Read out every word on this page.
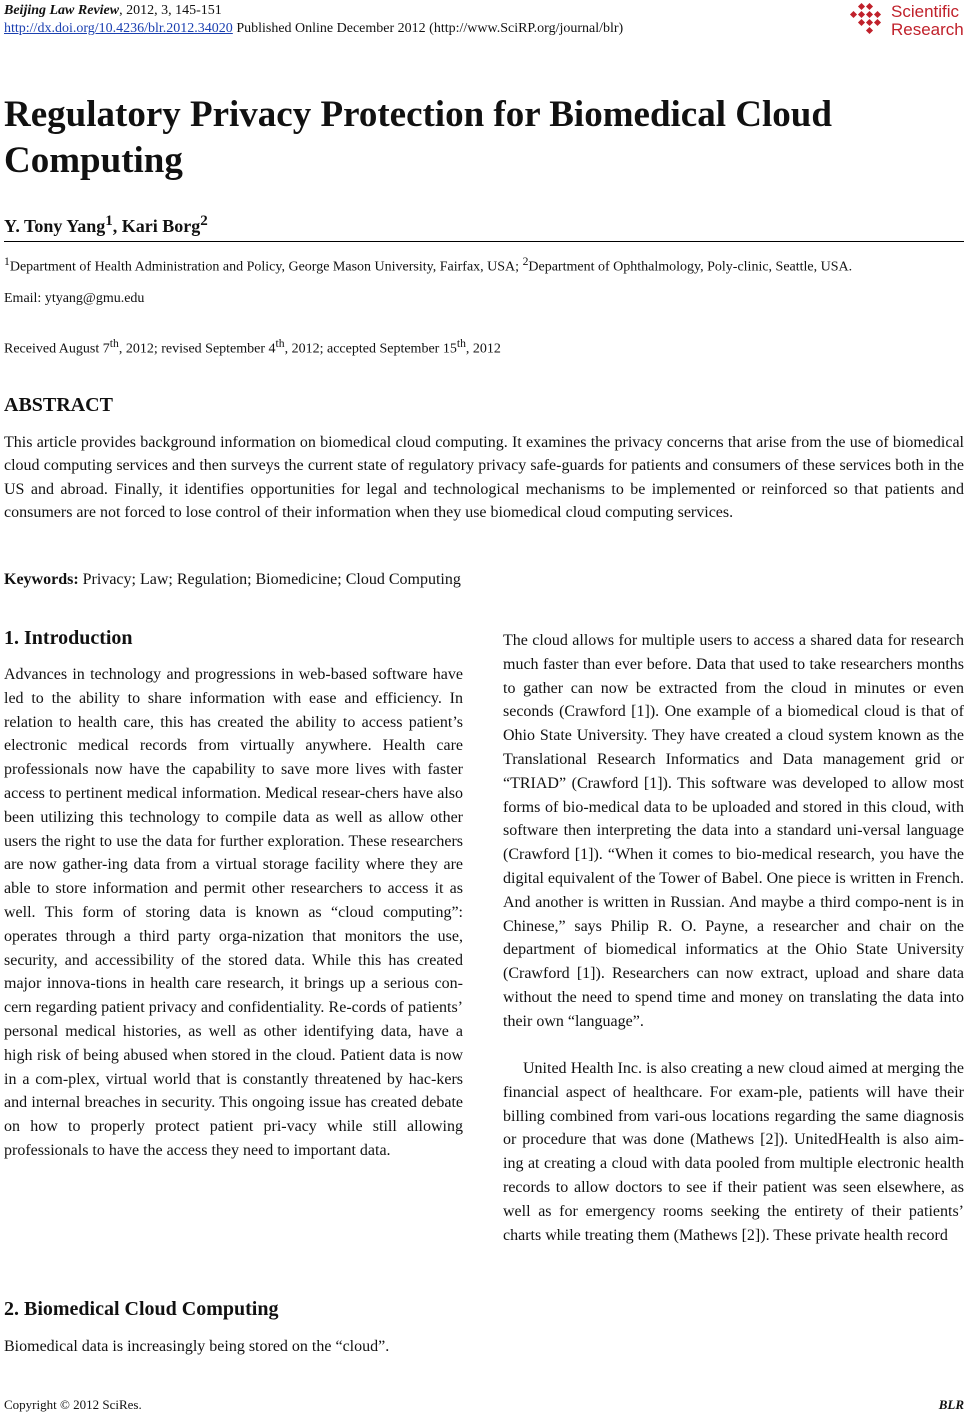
Beijing Law Review, 2012, 3, 145-151
http://dx.doi.org/10.4236/blr.2012.34020 Published Online December 2012 (http://www.SciRP.org/journal/blr)
Scientific
Research
Regulatory Privacy Protection for Biomedical Cloud Computing
Y. Tony Yang$^1$, Kari Borg$^2$
$^1$Department of Health Administration and Policy, George Mason University, Fairfax, USA; $^2$Department of Ophthalmology, Poly-clinic, Seattle, USA.
Email: ytyang@gmu.edu
Received August 7th, 2012; revised September 4th, 2012; accepted September 15th, 2012
ABSTRACT

This article provides background information on biomedical cloud computing. It examines the privacy concerns that arise from the use of biomedical cloud computing services and then surveys the current state of regulatory privacy safe-guards for patients and consumers of these services both in the US and abroad. Finally, it identifies opportunities for legal and technological mechanisms to be implemented or reinforced so that patients and consumers are not forced to lose control of their information when they use biomedical cloud computing services.

Keywords: Privacy; Law; Regulation; Biomedicine; Cloud Computing
1. Introduction

Advances in technology and progressions in web-based software have led to the ability to share information with ease and efficiency. In relation to health care, this has created the ability to access patient’s electronic medical records from virtually anywhere. Health care professionals now have the capability to save more lives with faster access to pertinent medical information. Medical resear-chers have also been utilizing this technology to compile data as well as allow other users the right to use the data for further exploration. These researchers are now gather-ing data from a virtual storage facility where they are able to store information and permit other researchers to access it as well. This form of storing data is known as “cloud computing”: operates through a third party orga-nization that monitors the use, security, and accessibility of the stored data. While this has created major innova-tions in health care research, it brings up a serious con-cern regarding patient privacy and confidentiality. Re-cords of patients’ personal medical histories, as well as other identifying data, have a high risk of being abused when stored in the cloud. Patient data is now in a com-plex, virtual world that is constantly threatened by hac-kers and internal breaches in security. This ongoing issue has created debate on how to properly protect patient pri-vacy while still allowing professionals to have the access they need to important data.

2. Biomedical Cloud Computing

Biomedical data is increasingly being stored on the “cloud”.

The cloud allows for multiple users to access a shared data for research much faster than ever before. Data that used to take researchers months to gather can now be extracted from the cloud in minutes or even seconds (Crawford [1]). One example of a biomedical cloud is that of Ohio State University. They have created a cloud system known as the Translational Research Informatics and Data management grid or “TRIAD” (Crawford [1]). This software was developed to allow most forms of bio-medical data to be uploaded and stored in this cloud, with software then interpreting the data into a standard uni-versal language (Crawford [1]). “When it comes to bio-medical research, you have the digital equivalent of the Tower of Babel. One piece is written in French. And another is written in Russian. And maybe a third compo-nent is in Chinese,” says Philip R. O. Payne, a researcher and chair on the department of biomedical informatics at the Ohio State University (Crawford [1]). Researchers can now extract, upload and share data without the need to spend time and money on translating the data into their own “language”.

United Health Inc. is also creating a new cloud aimed at merging the financial aspect of healthcare. For exam-ple, patients will have their billing combined from vari-ous locations regarding the same diagnosis or procedure that was done (Mathews [2]). UnitedHealth is also aim-ing at creating a cloud with data pooled from multiple electronic health records to allow doctors to see if their patient was seen elsewhere, as well as for emergency rooms seeking the entirety of their patients’ charts while treating them (Mathews [2]). These private health record

Copyright © 2012 SciRes.	BLR
